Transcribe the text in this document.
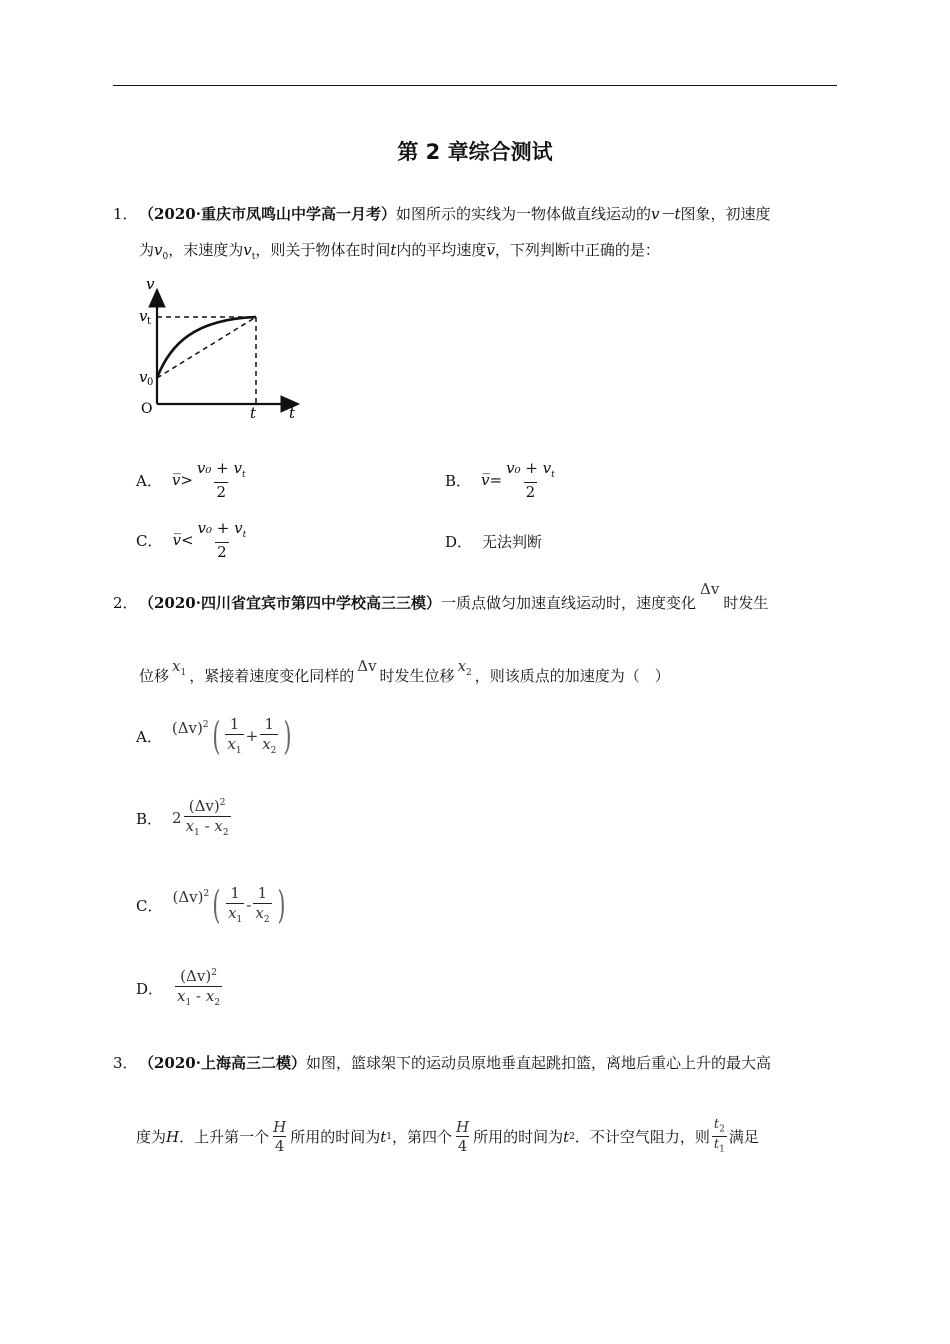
第 2 章综合测试
1． （2020·重庆市凤鸣山中学高一月考）如图所示的实线为一物体做直线运动的v－t图象，初速度
为$v_0$，末速度为$v_t$，则关于物体在时间t内的平均速度v̅，下列判断中正确的是：
v
t
O
v t
v 0
t
A． v̅ > $\frac{v_0 + v_t}{2}$	B． v̅ = $\frac{v_0 + v_t}{2}$
C． v̅ < $\frac{v_0 + v_t}{2}$	D． 无法判断
2． （2020·四川省宜宾市第四中学校高三三模）一质点做匀加速直线运动时，速度变化Δv时发生
位移$x_1$ ，紧接着速度变化同样的Δv时发生位移$x_2$ ，则该质点的加速度为（　）
A． $(\Delta v)^2$ ( $\frac{1}{x_1} + \frac{1}{x_2}$ )
B． $2 \frac{(\Delta v)^2}{x_1 - x_2}$
C． $(\Delta v)^2$ ( $\frac{1}{x_1} - \frac{1}{x_2}$ )
D． $\frac{(\Delta v)^2}{x_1 - x_2}$
3． （2020·上海高三二模）如图，篮球架下的运动员原地垂直起跳扣篮，离地后重心上升的最大高
度为 H ．上升第一个 $\frac{H}{4}$ 所用的时间为 t 1 ，第四个 $\frac{H}{4}$ 所用的时间为 t 2 ．不计空气阻力，则 $\frac{t_2}{t_1}$ 满足
